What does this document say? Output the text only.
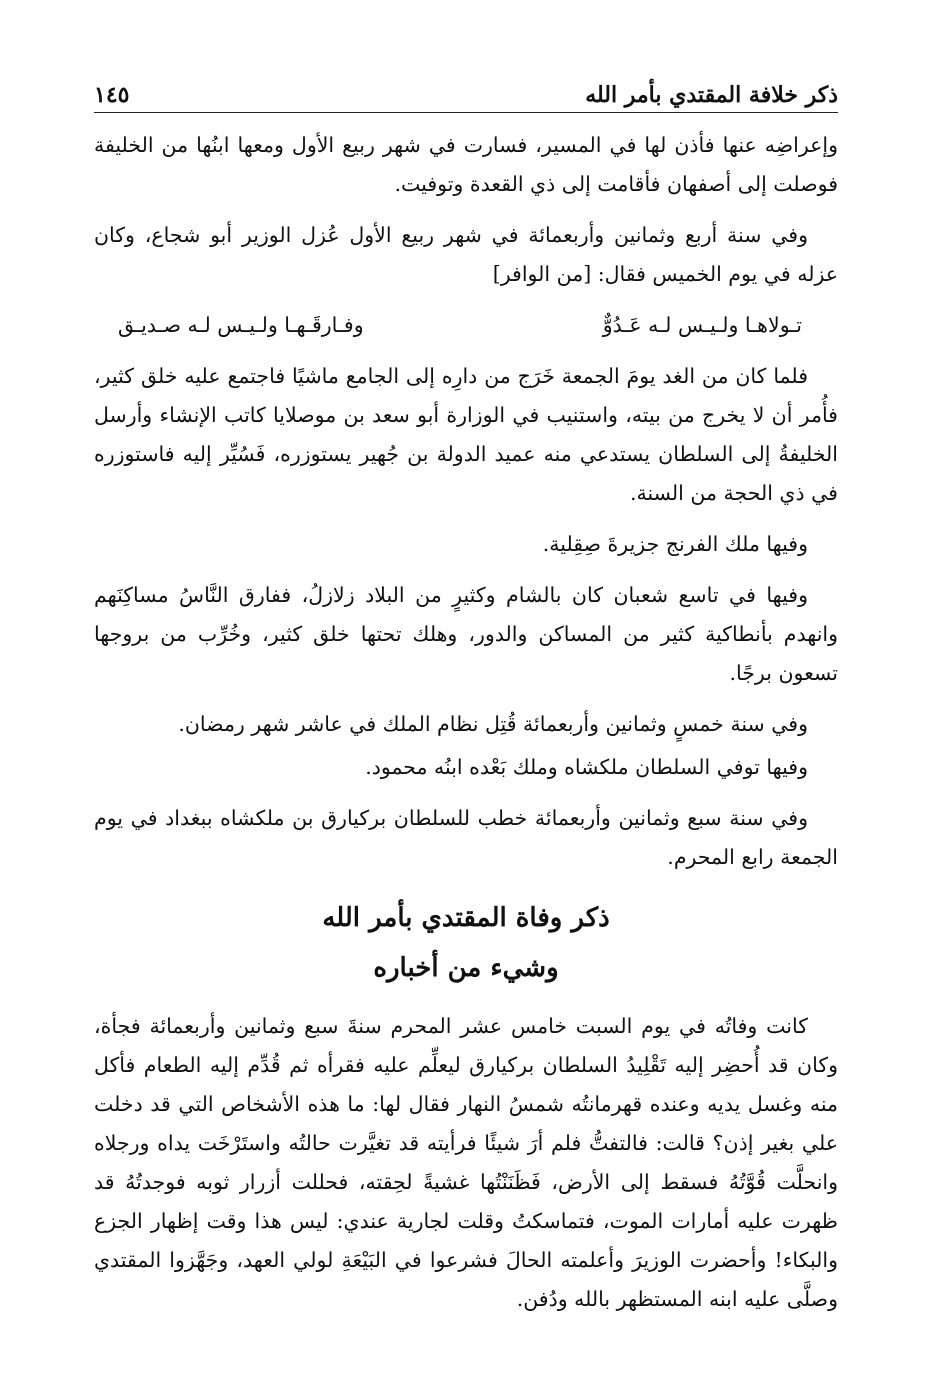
ذكر خلافة المقتدي بأمر الله
١٤٥

وإعراضِه عنها فأذن لها في المسير، فسارت في شهر ربيع الأول ومعها ابنُها من الخليفة فوصلت إلى أصفهان فأقامت إلى ذي القعدة وتوفيت.

وفي سنة أربع وثمانين وأربعمائة في شهر ربيع الأول عُزل الوزير أبو شجاع، وكان عزله في يوم الخميس فقال: [من الوافر]

تـولاهـا ولـيـس لـه عَـدُوٌّ
وفـارقَـهـا ولـيـس لـه صـديـق

فلما كان من الغد يومَ الجمعة خَرَج من دارِه إلى الجامع ماشيًا فاجتمع عليه خلق كثير، فأُمر أن لا يخرج من بيته، واستنيب في الوزارة أبو سعد بن موصلايا كاتب الإنشاء وأرسل الخليفةُ إلى السلطان يستدعي منه عميد الدولة بن جُهير يستوزره، فَسُيِّر إليه فاستوزره في ذي الحجة من السنة.

وفيها ملك الفرنج جزيرةَ صِقِلية.

وفيها في تاسع شعبان كان بالشام وكثيرٍ من البلاد زلازلُ، ففارق النَّاسُ مساكِنَهم وانهدم بأنطاكية كثير من المساكن والدور، وهلك تحتها خلق كثير، وخُرِّب من بروجها تسعون برجًا.

وفي سنة خمسٍ وثمانين وأربعمائة قُتِل نظام الملك في عاشر شهر رمضان.

وفيها توفي السلطان ملكشاه وملك بَعْده ابنُه محمود.

وفي سنة سبع وثمانين وأربعمائة خطب للسلطان بركيارق بن ملكشاه ببغداد في يوم الجمعة رابع المحرم.

ذكر وفاة المقتدي بأمر الله
وشيء من أخباره

كانت وفاتُه في يوم السبت خامس عشر المحرم سنةَ سبع وثمانين وأربعمائة فجأة، وكان قد أُحضِر إليه تَقْلِيدُ السلطان بركيارق ليعلِّم عليه فقرأه ثم قُدِّم إليه الطعام فأكل منه وغسل يديه وعنده قهرمانتُه شمسُ النهار فقال لها: ما هذه الأشخاص التي قد دخلت علي بغير إذن؟ قالت: فالتفتُّ فلم أرَ شيئًا فرأيته قد تغيَّرت حالتُه واستَرْخَت يداه ورجلاه وانحلَّت قُوَّتُهُ فسقط إلى الأرض، فَظَنَنْتُها غشيةً لحِقته، فحللت أزرار ثوبه فوجدتُهُ قد ظهرت عليه أمارات الموت، فتماسكتُ وقلت لجارية عندي: ليس هذا وقت إظهار الجزع والبكاء! وأحضرت الوزيرَ وأعلمته الحالَ فشرعوا في البَيْعَةِ لولي العهد، وجَهَّزوا المقتدي وصلَّى عليه ابنه المستظهر بالله ودُفن.
